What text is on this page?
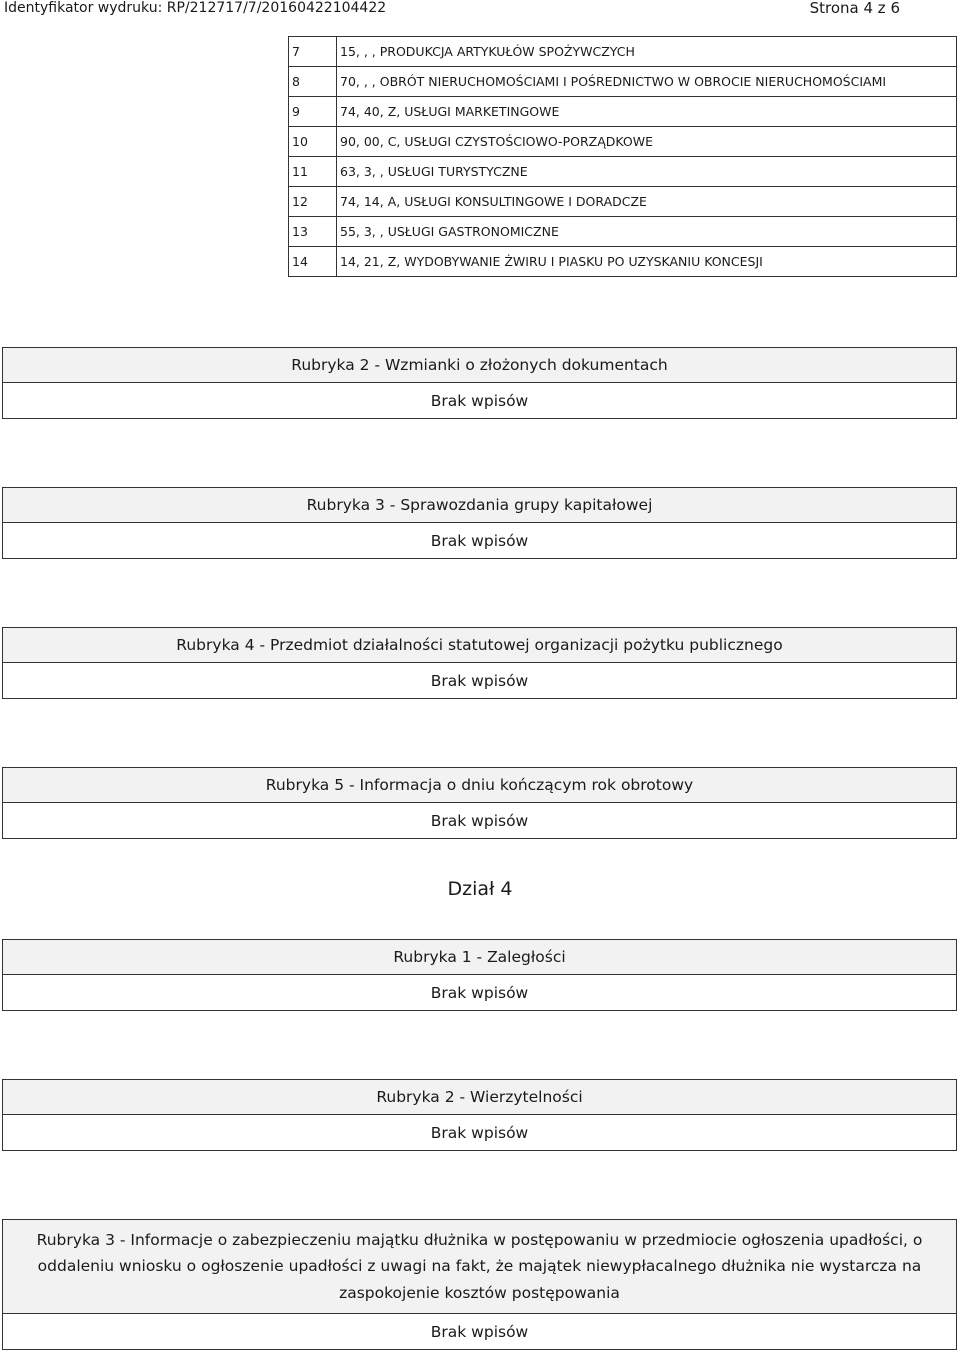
Identyfikator wydruku: RP/212717/7/20160422104422	Strona 4 z 6
7	15, , , PRODUKCJA ARTYKUŁÓW SPOŻYWCZYCH
8	70, , , OBRÓT NIERUCHOMOŚCIAMI I POŚREDNICTWO W OBROCIE NIERUCHOMOŚCIAMI
9	74, 40, Z, USŁUGI MARKETINGOWE
10	90, 00, C, USŁUGI CZYSTOŚCIOWO-PORZĄDKOWE
11	63, 3, , USŁUGI TURYSTYCZNE
12	74, 14, A, USŁUGI KONSULTINGOWE I DORADCZE
13	55, 3, , USŁUGI GASTRONOMICZNE
14	14, 21, Z, WYDOBYWANIE ŻWIRU I PIASKU PO UZYSKANIU KONCESJI
Rubryka 2 - Wzmianki o złożonych dokumentach
Brak wpisów
Rubryka 3 - Sprawozdania grupy kapitałowej
Brak wpisów
Rubryka 4 - Przedmiot działalności statutowej organizacji pożytku publicznego
Brak wpisów
Rubryka 5 - Informacja o dniu kończącym rok obrotowy
Brak wpisów
Dział 4
Rubryka 1 - Zaległości
Brak wpisów
Rubryka 2 - Wierzytelności
Brak wpisów
Rubryka 3 - Informacje o zabezpieczeniu majątku dłużnika w postępowaniu w przedmiocie ogłoszenia upadłości, o oddaleniu wniosku o ogłoszenie upadłości z uwagi na fakt, że majątek niewypłacalnego dłużnika nie wystarcza na zaspokojenie kosztów postępowania
Brak wpisów
